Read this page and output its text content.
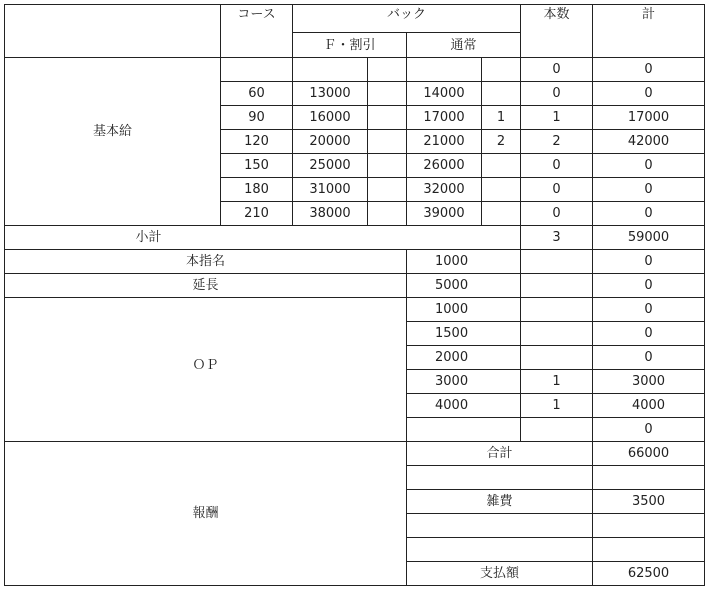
	コース	バック				本数	計
		Ｆ・割引		通常			
基本給						0	0
	60	13000		14000		0	0
	90	16000		17000	1	1	17000
	120	20000		21000	2	2	42000
	150	25000		26000		0	0
	180	31000		32000		0	0
	210	38000		39000		0	0
小計						3	59000
本指名				1000			0
延長				5000			0
ＯＰ				1000			0
				1500			0
				2000			0
				3000		1	3000
				4000		1	4000
							0
報酬				合計			66000

				雑費			3500

				支払額			62500
